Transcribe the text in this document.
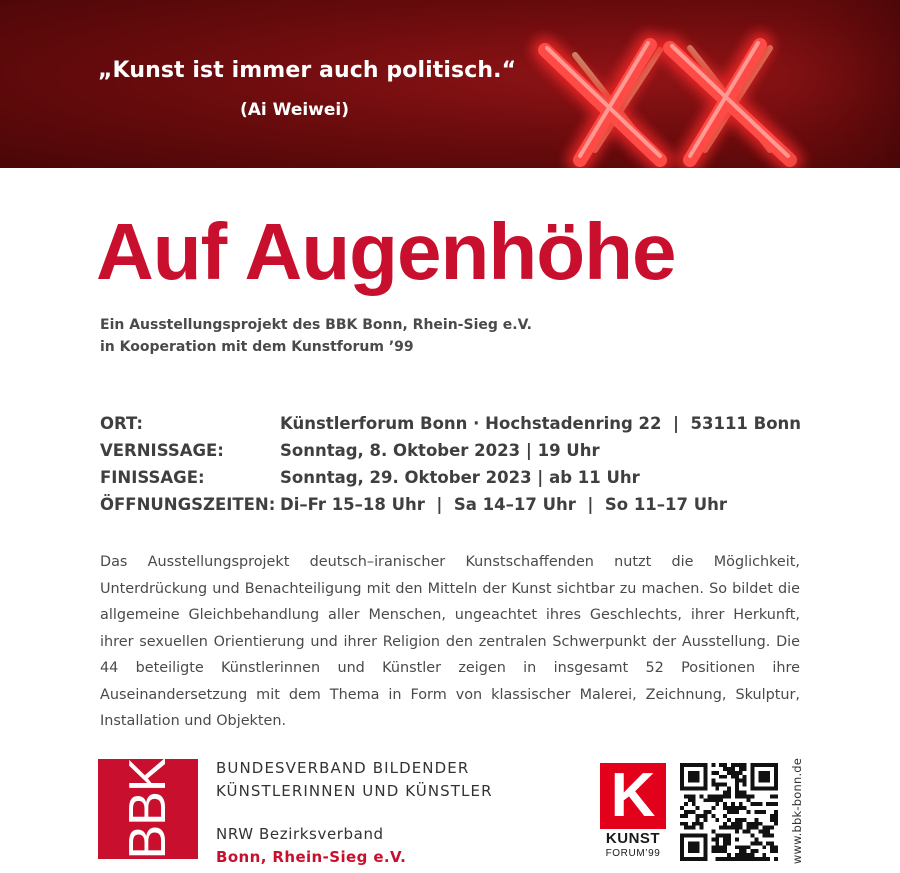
„Kunst ist immer auch politisch.“

(Ai Weiwei)

Auf Augenhöhe
Ein Ausstellungsprojekt des BBK Bonn, Rhein-Sieg e.V.
in Kooperation mit dem Kunstforum ’99
ORT:	Künstlerforum Bonn · Hochstadenring 22  |  53111 Bonn
VERNISSAGE:	Sonntag, 8. Oktober 2023 | 19 Uhr
FINISSAGE:	Sonntag, 29. Oktober 2023 | ab 11 Uhr
ÖFFNUNGSZEITEN: Di–Fr 15–18 Uhr  |  Sa 14–17 Uhr  |  So 11–17 Uhr

Das Ausstellungsprojekt deutsch–iranischer Kunstschaffenden nutzt die Möglichkeit, Unterdrückung und Benachteiligung mit den Mitteln der Kunst sichtbar zu machen. So bildet die allgemeine Gleichbehandlung aller Menschen, ungeachtet ihres Geschlechts, ihrer Herkunft, ihrer sexuellen Orientierung und ihrer Religion den zentralen Schwerpunkt der Ausstellung. Die 44 beteiligte Künstlerinnen und Künstler zeigen in insgesamt 52 Positionen ihre Auseinandersetzung mit dem Thema in Form von klassischer Malerei, Zeichnung, Skulptur, Installation und Objekten.

BBK	BUNDESVERBAND BILDENDER

KÜNSTLERINNEN UND KÜNSTLER

NRW Bezirksverband

Bonn, Rhein-Sieg e.V.

K
KUNST
FORUM’99	www.bbk-bonn.de
